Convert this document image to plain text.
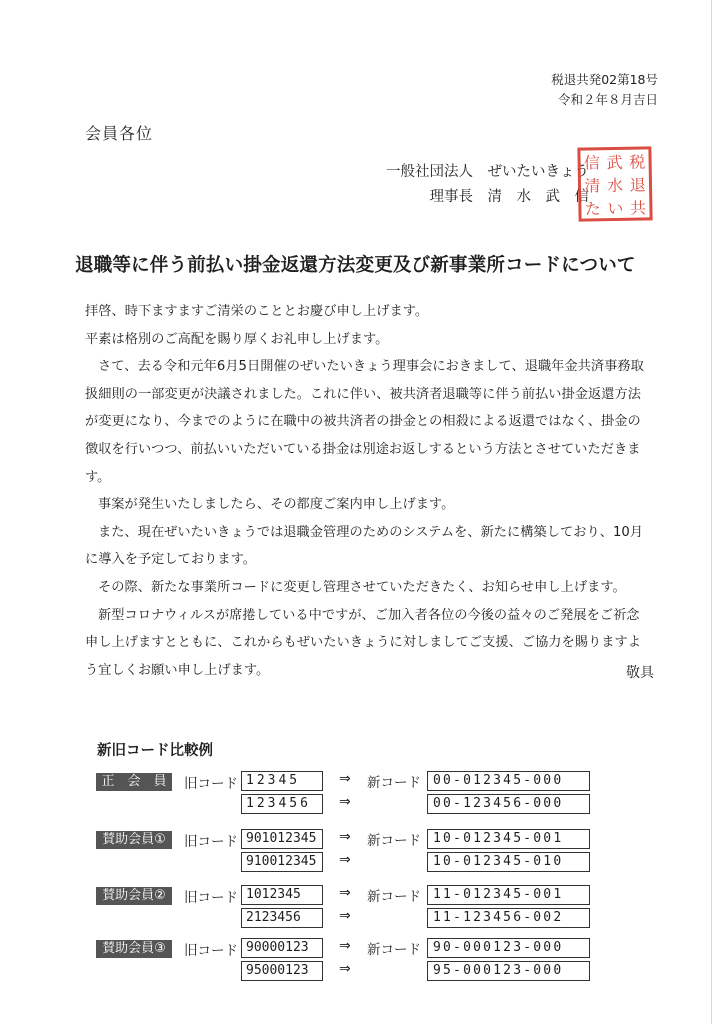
税退共発02第18号
令和２年８月吉日
会員各位
一般社団法人　ぜいたいきょう
理事長　清　水　武　信
信 武 税
清 水 退
た い 共
退職等に伴う前払い掛金返還方法変更及び新事業所コードについて

拝啓、時下ますますご清栄のこととお慶び申し上げます。

平素は格別のご高配を賜り厚くお礼申し上げます。

さて、去る令和元年6月5日開催のぜいたいきょう理事会におきまして、退職年金共済事務取扱細則の一部変更が決議されました。これに伴い、被共済者退職等に伴う前払い掛金返還方法が変更になり、今までのように在職中の被共済者の掛金との相殺による返還ではなく、掛金の徴収を行いつつ、前払いいただいている掛金は別途お返しするという方法とさせていただきます。

事案が発生いたしましたら、その都度ご案内申し上げます。

また、現在ぜいたいきょうでは退職金管理のためのシステムを、新たに構築しており、10月に導入を予定しております。

その際、新たな事業所コードに変更し管理させていただきたく、お知らせ申し上げます。

新型コロナウィルスが席捲している中ですが、ご加入者各位の今後の益々のご発展をご祈念申し上げますとともに、これからもぜいたいきょうに対しましてご支援、ご協力を賜りますよう宜しくお願い申し上げます。	敬具
新旧コード比較例
正　会　員	旧コード 12345	⇒ 新コード 00-012345-000
123456	⇒	00-123456-000
賛助会員①	旧コード 901012345	⇒ 新コード 10-012345-001
910012345	⇒	10-012345-010
賛助会員②	旧コード 1012345	⇒ 新コード 11-012345-001
2123456	⇒	11-123456-002
賛助会員③	旧コード 90000123	⇒ 新コード 90-000123-000
95000123	⇒	95-000123-000
